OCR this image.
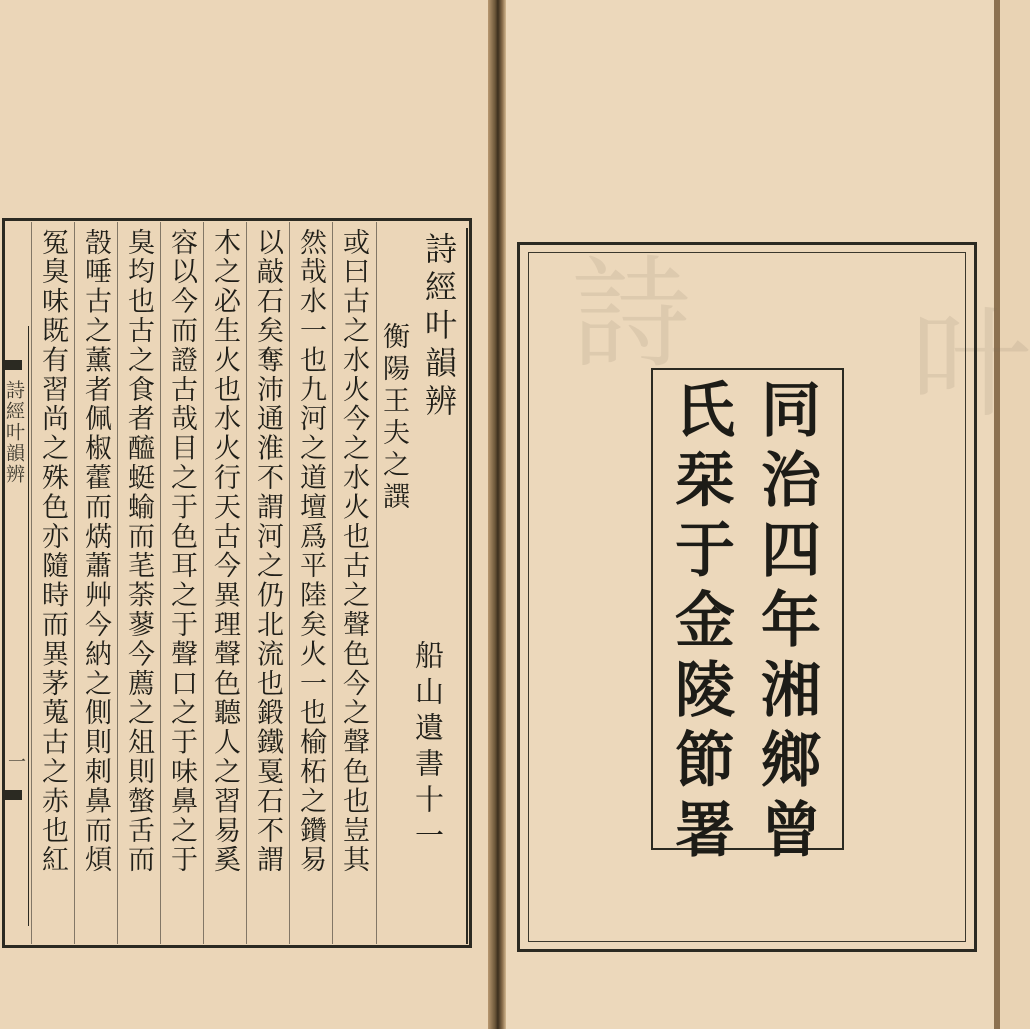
詩 叶
詩經叶韻辨
一
詩經叶韻辨
衡陽王夫之譔
船山遺書十一
或曰古之水火今之水火也古之聲色今之聲色也豈其
然哉水一也九河之道壇爲平陸矣火一也榆柘之鑽易
以敲石矣奪沛通淮不謂河之仍北流也鍛鐵戛石不謂
木之必生火也水火行天古今異理聲色聽人之習易奚
容以今而證古哉目之于色耳之于聲口之于味鼻之于
臭均也古之食者醯蜓蝓而芼荼蓼今薦之俎則螫舌而
嗀唾古之薰者佩椒藿而焫蕭艸今納之側則刺鼻而煩
冤臭味既有習尚之殊色亦隨時而異茅蒐古之赤也紅	同治四年湘鄉曾
氏栞于金陵節署
